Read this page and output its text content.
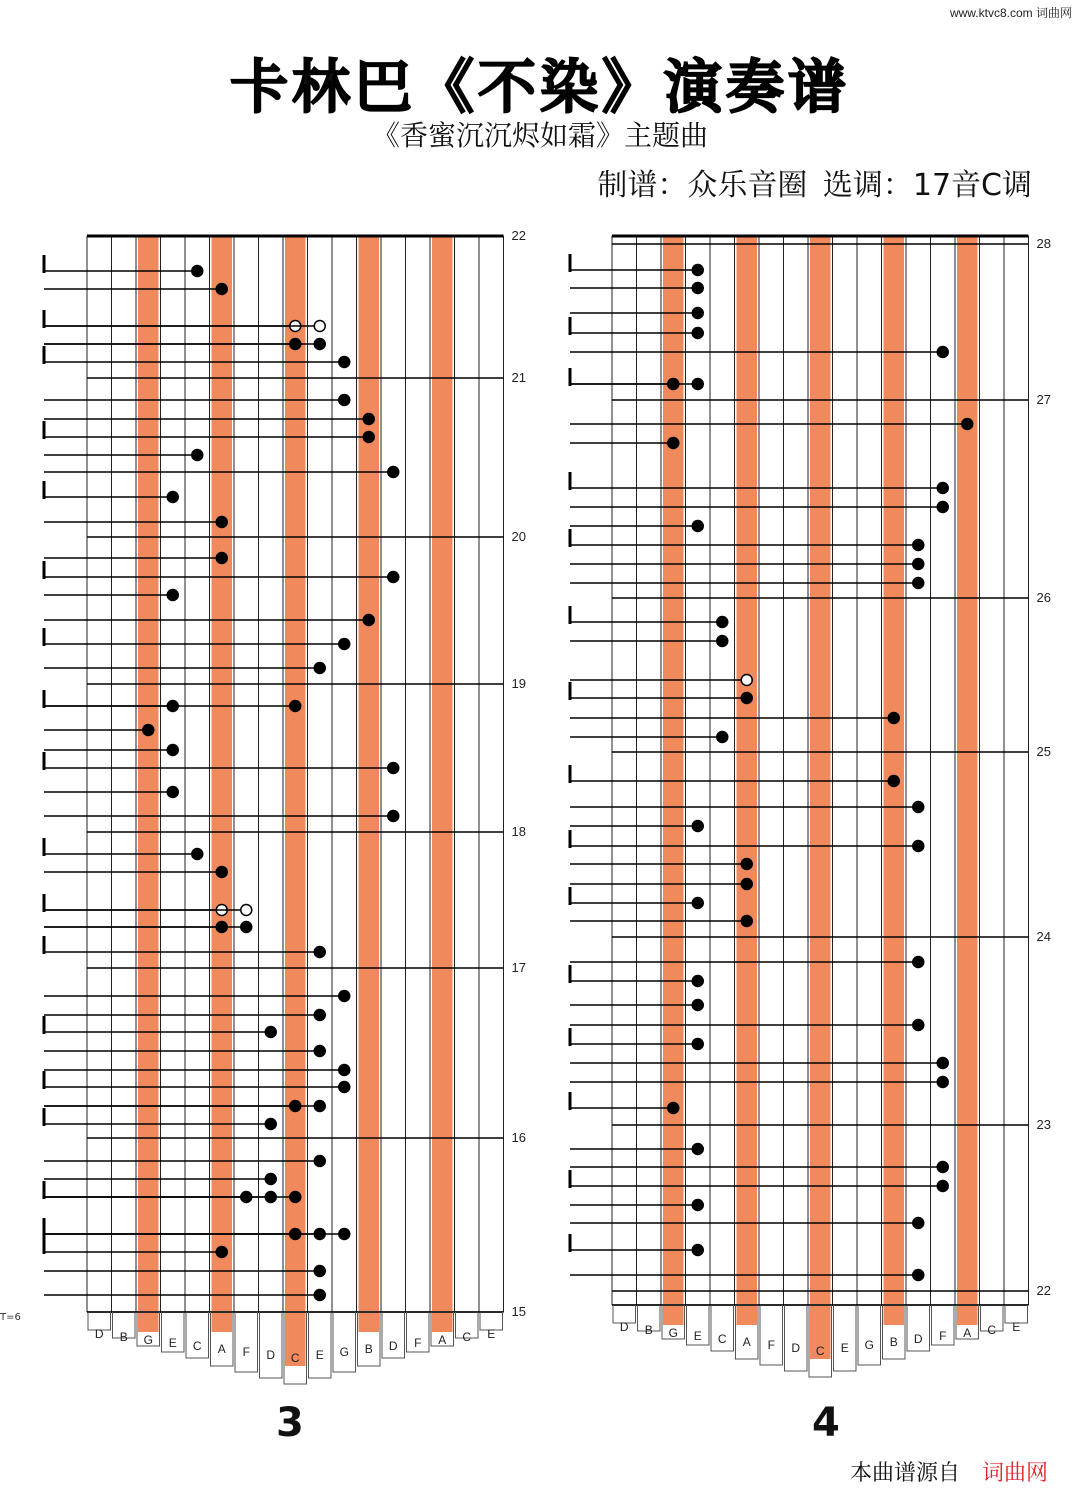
www.ktvc8.com 词曲网
卡林巴《不染》演奏谱
《香蜜沉沉烬如霜》主题曲
制谱：众乐音圈 选调：17音C调
22
21
20
19
18
17
16
15
D B G E C A F D C E G B D F A C E
28
27
26
25
24
23
22
D B G E C A F D C E G B D F A C E
T=6
3	4
本曲谱源自 词曲网
